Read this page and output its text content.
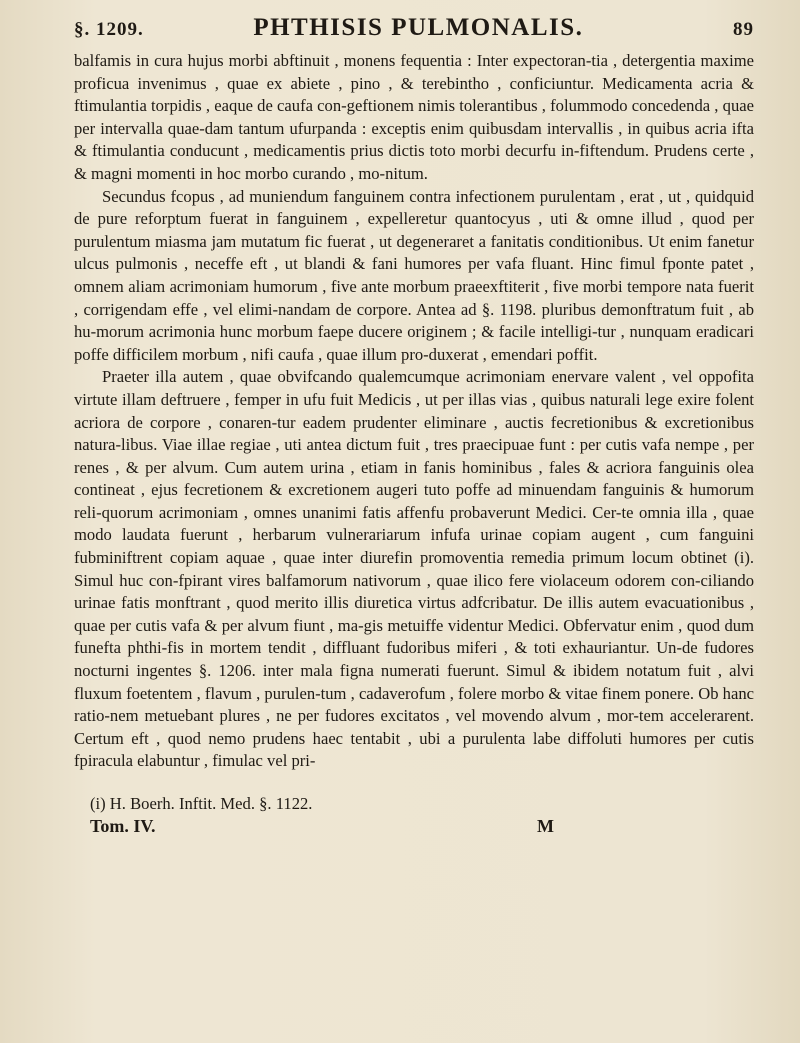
§. 1209.	PHTHISIS PULMONALIS.	89

balfamis in cura hujus morbi abftinuit , monens fequentia : Inter expectoran-tia , detergentia maxime proficua invenimus , quae ex abiete , pino , & terebintho , conficiuntur. Medicamenta acria & ftimulantia torpidis , eaque de caufa con-geftionem nimis tolerantibus , folummodo concedenda , quae per intervalla quae-dam tantum ufurpanda : exceptis enim quibusdam intervallis , in quibus acria ifta & ftimulantia conducunt , medicamentis prius dictis toto morbi decurfu in-fiftendum. Prudens certe , & magni momenti in hoc morbo curando , mo-nitum.

Secundus fcopus , ad muniendum fanguinem contra infectionem purulentam , erat , ut , quidquid de pure reforptum fuerat in fanguinem , expelleretur quantocyus , uti & omne illud , quod per purulentum miasma jam mutatum fic fuerat , ut degeneraret a fanitatis conditionibus. Ut enim fanetur ulcus pulmonis , neceffe eft , ut blandi & fani humores per vafa fluant. Hinc fimul fponte patet , omnem aliam acrimoniam humorum , five ante morbum praeexftiterit , five morbi tempore nata fuerit , corrigendam effe , vel elimi-nandam de corpore. Antea ad §. 1198. pluribus demonftratum fuit , ab hu-morum acrimonia hunc morbum faepe ducere originem ; & facile intelligi-tur , nunquam eradicari poffe difficilem morbum , nifi caufa , quae illum pro-duxerat , emendari poffit.

Praeter illa autem , quae obvifcando qualemcumque acrimoniam enervare valent , vel oppofita virtute illam deftruere , femper in ufu fuit Medicis , ut per illas vias , quibus naturali lege exire folent acriora de corpore , conaren-tur eadem prudenter eliminare , auctis fecretionibus & excretionibus natura-libus. Viae illae regiae , uti antea dictum fuit , tres praecipuae funt : per cutis vafa nempe , per renes , & per alvum. Cum autem urina , etiam in fanis hominibus , fales & acriora fanguinis olea contineat , ejus fecretionem & excretionem augeri tuto poffe ad minuendam fanguinis & humorum reli-quorum acrimoniam , omnes unanimi fatis affenfu probaverunt Medici. Cer-te omnia illa , quae modo laudata fuerunt , herbarum vulnerariarum infufa urinae copiam augent , cum fanguini fubminiftrent copiam aquae , quae inter diurefin promoventia remedia primum locum obtinet (i). Simul huc con-fpirant vires balfamorum nativorum , quae ilico fere violaceum odorem con-ciliando urinae fatis monftrant , quod merito illis diuretica virtus adfcribatur. De illis autem evacuationibus , quae per cutis vafa & per alvum fiunt , ma-gis metuiffe videntur Medici. Obfervatur enim , quod dum funefta phthi-fis in mortem tendit , diffluant fudoribus miferi , & toti exhauriantur. Un-de fudores nocturni ingentes §. 1206. inter mala figna numerati fuerunt. Simul & ibidem notatum fuit , alvi fluxum foetentem , flavum , purulen-tum , cadaverofum , folere morbo & vitae finem ponere. Ob hanc ratio-nem metuebant plures , ne per fudores excitatos , vel movendo alvum , mor-tem accelerarent. Certum eft , quod nemo prudens haec tentabit , ubi a purulenta labe diffoluti humores per cutis fpiracula elabuntur , fimulac vel pri-

(i) H. Boerh. Inftit. Med. §. 1122.
Tom. IV.	M
